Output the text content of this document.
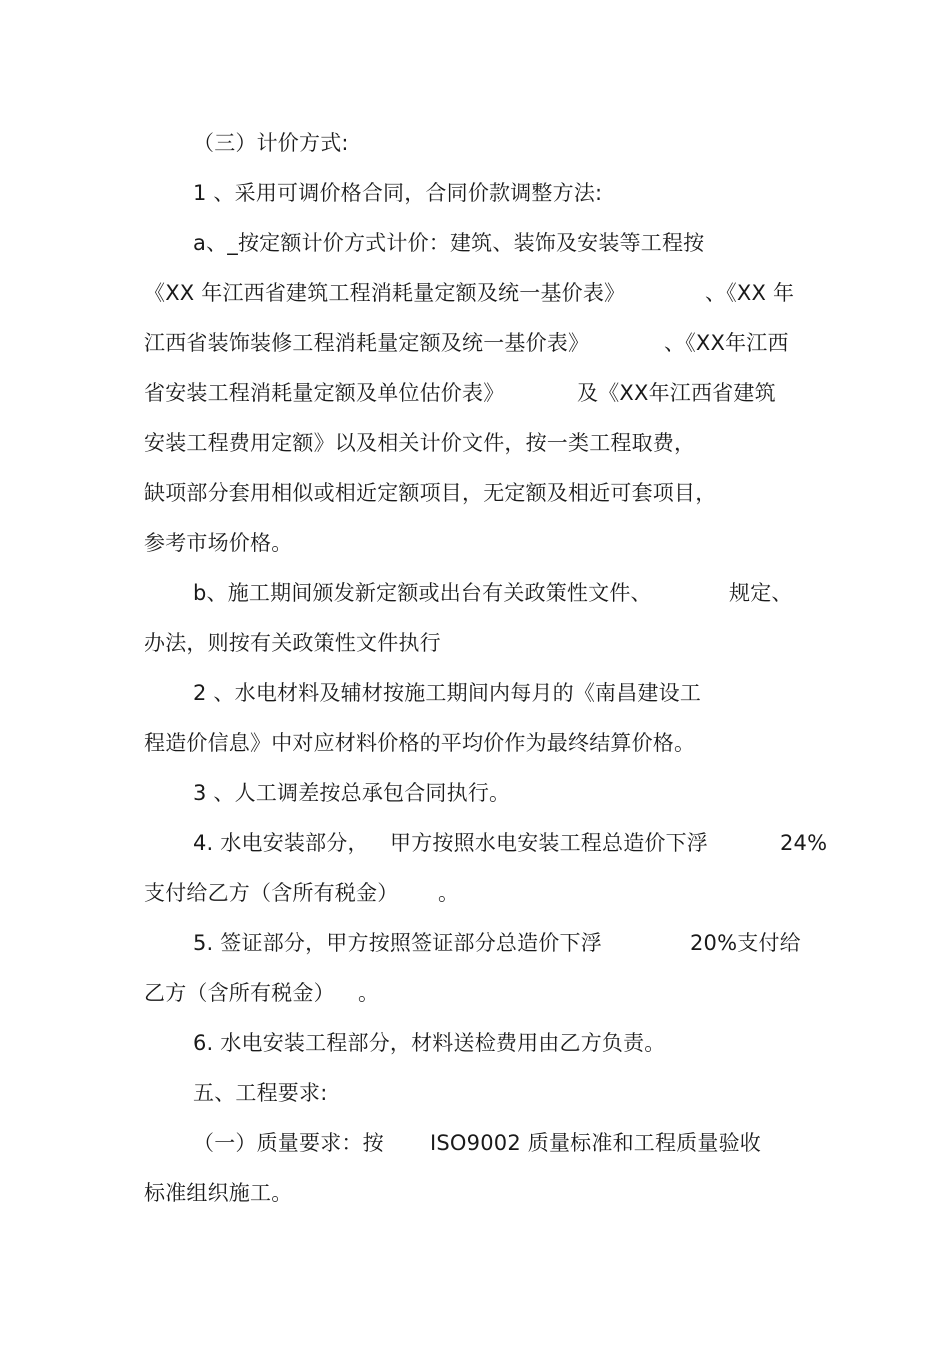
（三）计价方式:

1 、采用可调价格合同，合同价款调整方法:

a、_按定额计价方式计价：建筑、装饰及安装等工程按

《XX 年江西省建筑工程消耗量定额及统一基价表》

	、《XX 年

江西省装饰装修工程消耗量定额及统一基价表》

	、《XX年江西

省安装工程消耗量定额及单位估价表》

	及《XX年江西省建筑

安装工程费用定额》以及相关计价文件，按一类工程取费，

缺项部分套用相似或相近定额项目，无定额及相近可套项目，

参考市场价格。

b、施工期间颁发新定额或出台有关政策性文件、

	规定、

办法，则按有关政策性文件执行

2 、水电材料及辅材按施工期间内每月的《南昌建设工

程造价信息》中对应材料价格的平均价作为最终结算价格。

3 、人工调差按总承包合同执行。

4. 水电安装部分，

甲方按照水电安装工程总造价下浮

	24%

支付给乙方（含所有税金）

。

5. 签证部分，甲方按照签证部分总造价下浮

	20%支付给

乙方（含所有税金）

。

6. 水电安装工程部分，材料送检费用由乙方负责。

五、工程要求:

（一）质量要求：按

ISO9002 质量标准和工程质量验收

标准组织施工。
